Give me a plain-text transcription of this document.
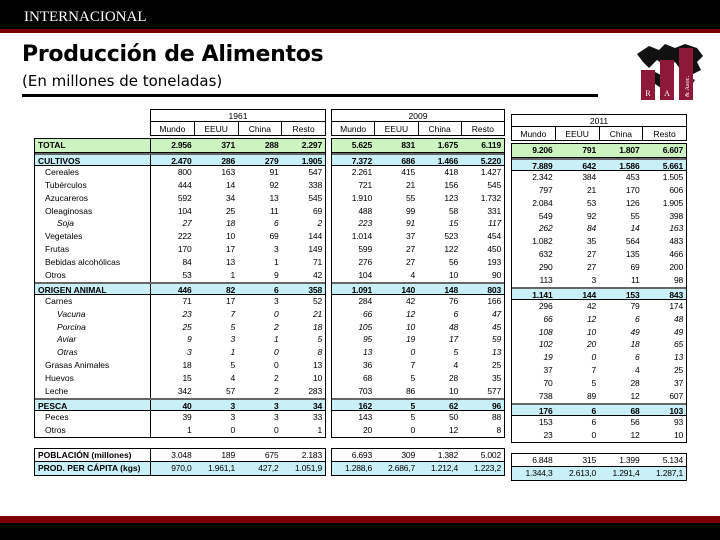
INTERNACIONAL
Producción de Alimentos
(En millones de toneladas)
R A & Asoc.
1961
Mundo	EEUU	China	Resto
TOTAL	2.956	371	288	2.297
CULTIVOS	2.470	286	279	1.905
Cereales	800	163	91	547
Tubérculos	444	14	92	338
Azucareros	592	34	13	545
Oleaginosas	104	25	11	69
Soja	27	18	6	2
Vegetales	222	10	69	144
Frutas	170	17	3	149
Bebidas alcohólicas	84	13	1	71
Otros	53	1	9	42
ORIGEN ANIMAL	446	82	6	358
Carnes	71	17	3	52
Vacuna	23	7	0	21
Porcina	25	5	2	18
Aviar	9	3	1	5
Otras	3	1	0	8
Grasas Animales	18	5	0	13
Huevos	15	4	2	10
Leche	342	57	2	283
PESCA	40	3	3	34
Peces	39	3	3	33
Otros	1	0	0	1
POBLACIÓN (millones)	3.048	189	675	2.183
PROD. PER CÁPITA (kgs)	970,0	1.961,1	427,2	1.051,9
2009
Mundo	EEUU	China	Resto
5.625	831	1.675	6.119
7.372	686	1.466	5.220
2.261	415	418	1.427
721	21	156	545
1.910	55	123	1.732
488	99	58	331
223	91	15	117
1.014	37	523	454
599	27	122	450
276	27	56	193
104	4	10	90
1.091	140	148	803
284	42	76	166
66	12	6	47
105	10	48	45
95	19	17	59
13	0	5	13
36	7	4	25
68	5	28	35
703	86	10	577
162	5	62	96
143	5	50	88
20	0	12	8
6.693	309	1.382	5.002
1.288,6	2.686,7	1.212,4	1.223,2
2011
Mundo	EEUU	China	Resto
9.206	791	1.807	6.607
7.889	642	1.586	5.661
2.342	384	453	1.505
797	21	170	606
2.084	53	126	1.905
549	92	55	398
262	84	14	163
1.082	35	564	483
632	27	135	466
290	27	69	200
113	3	11	98
1.141	144	153	843
296	42	79	174
66	12	6	48
108	10	49	49
102	20	18	65
19	0	6	13
37	7	4	25
70	5	28	37
738	89	12	607
176	6	68	103
153	6	56	93
23	0	12	10
6.848	315	1.399	5.134
1.344,3	2.613,0	1.291,4	1.287,1
